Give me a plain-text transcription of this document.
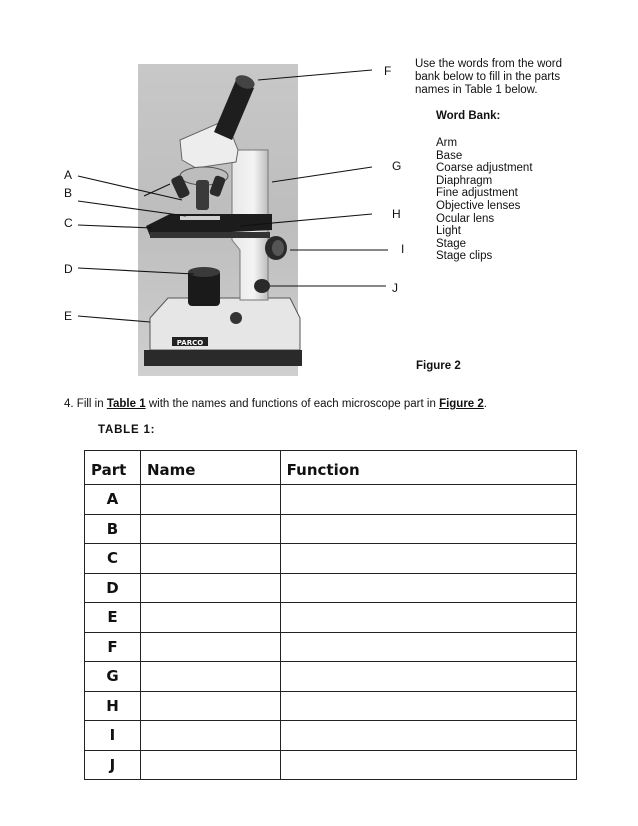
PARCO
A
B
C
D
E
F
G
H
I
J
Use the words from the word bank below to fill in the parts names in Table 1 below.
Word Bank:
Arm
Base
Coarse adjustment
Diaphragm
Fine adjustment
Objective lenses
Ocular lens
Light
Stage
Stage clips
Figure 2
4. Fill in Table 1 with the names and functions of each microscope part in Figure 2.
TABLE 1:
Part	Name	Function
A		
B		
C		
D		
E		
F		
G		
H		
I		
J		
